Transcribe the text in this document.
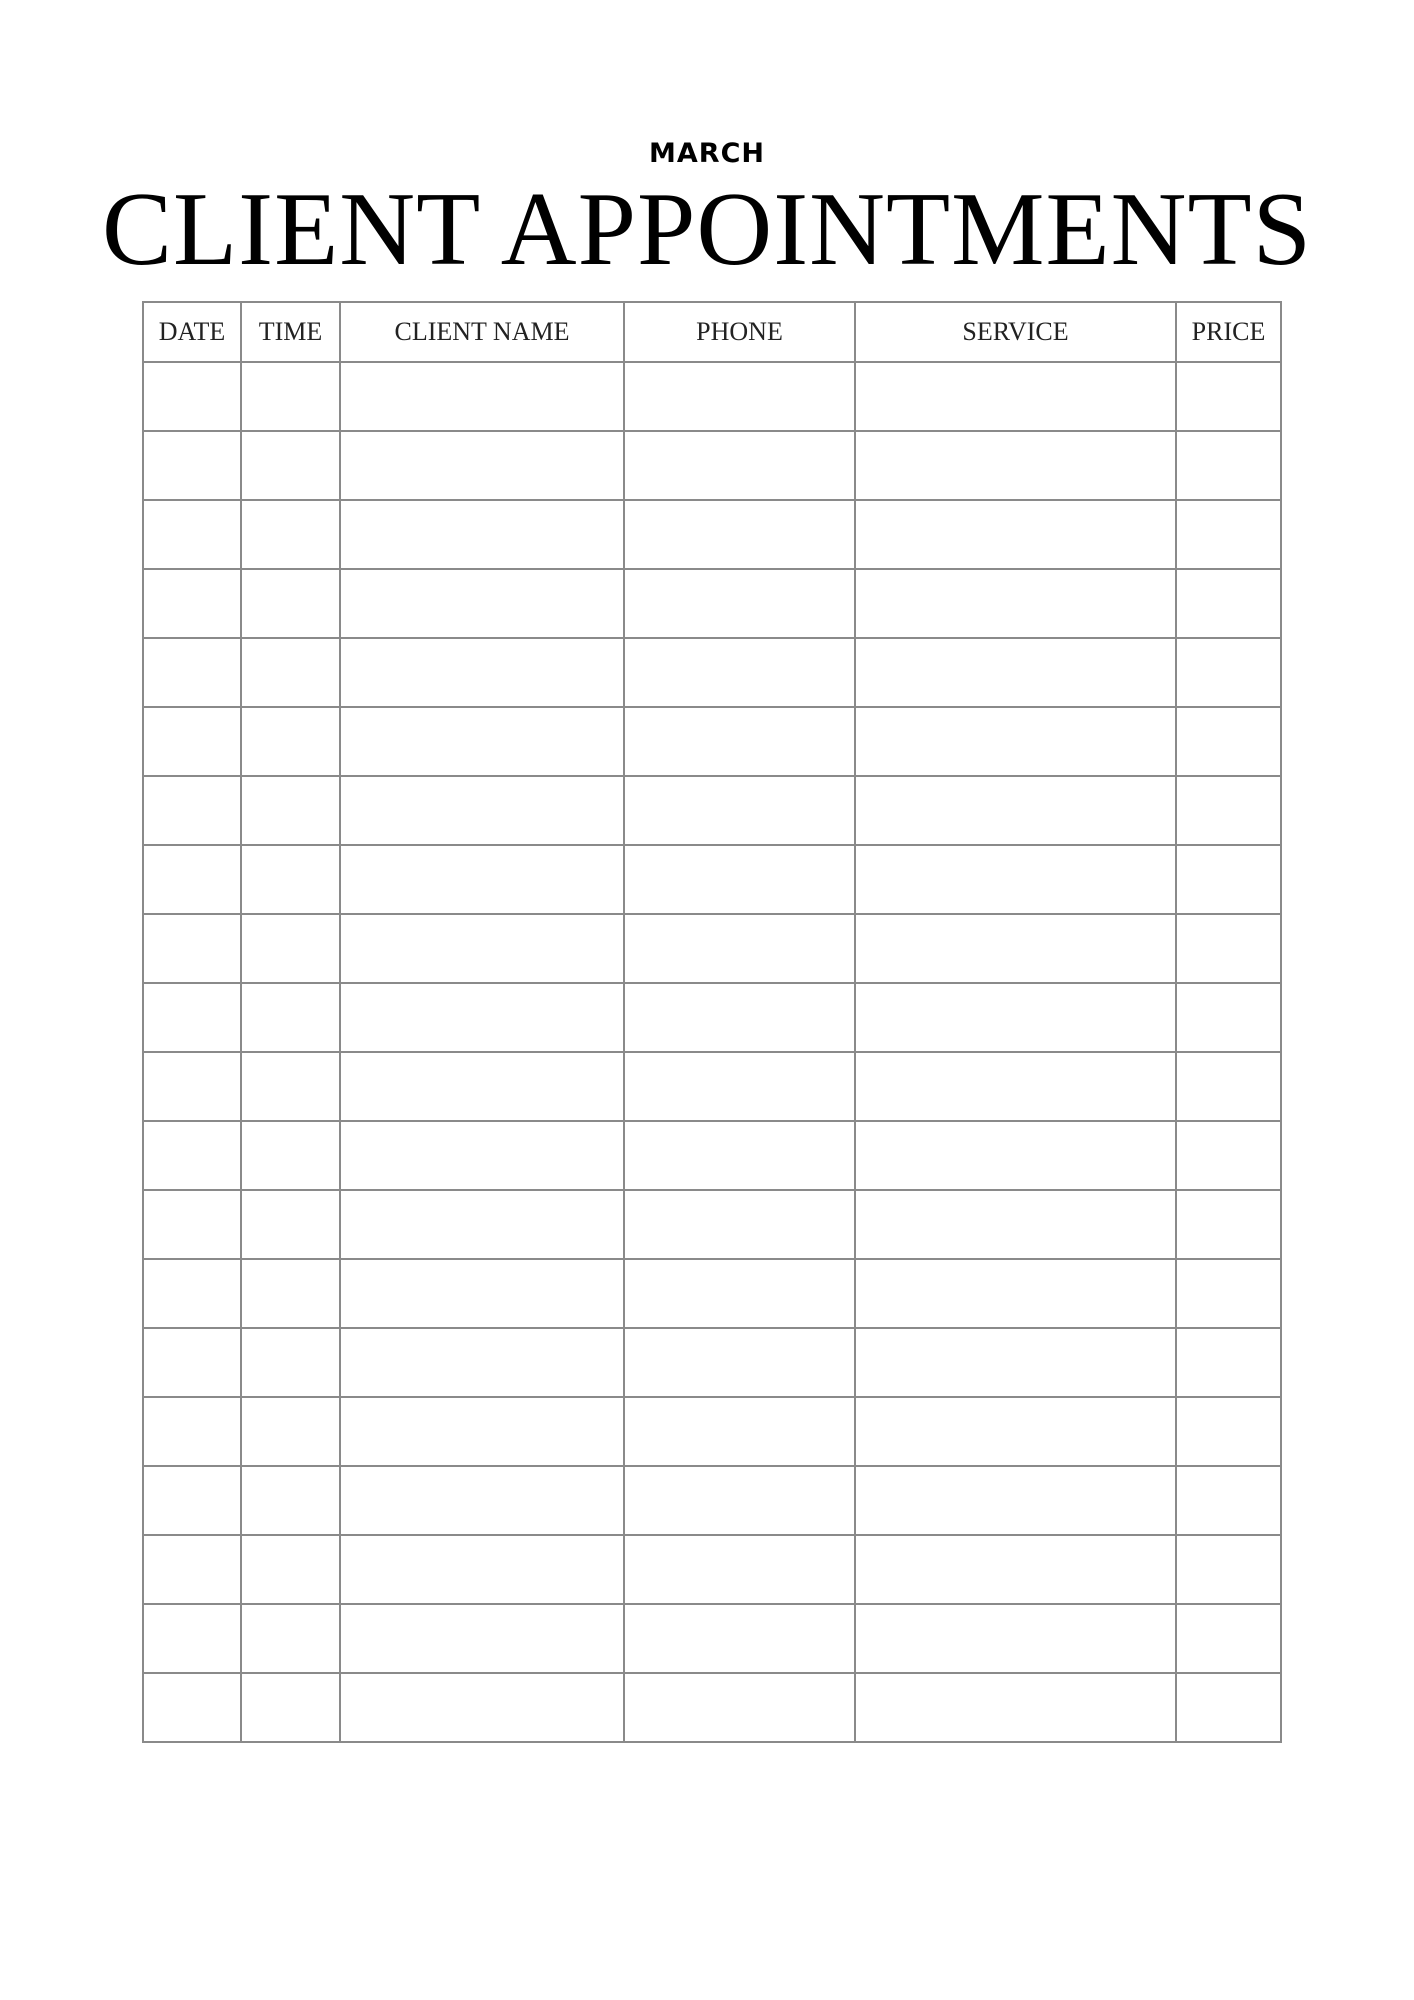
MARCH
CLIENT APPOINTMENTS
DATE	TIME	CLIENT NAME	PHONE	SERVICE	PRICE
